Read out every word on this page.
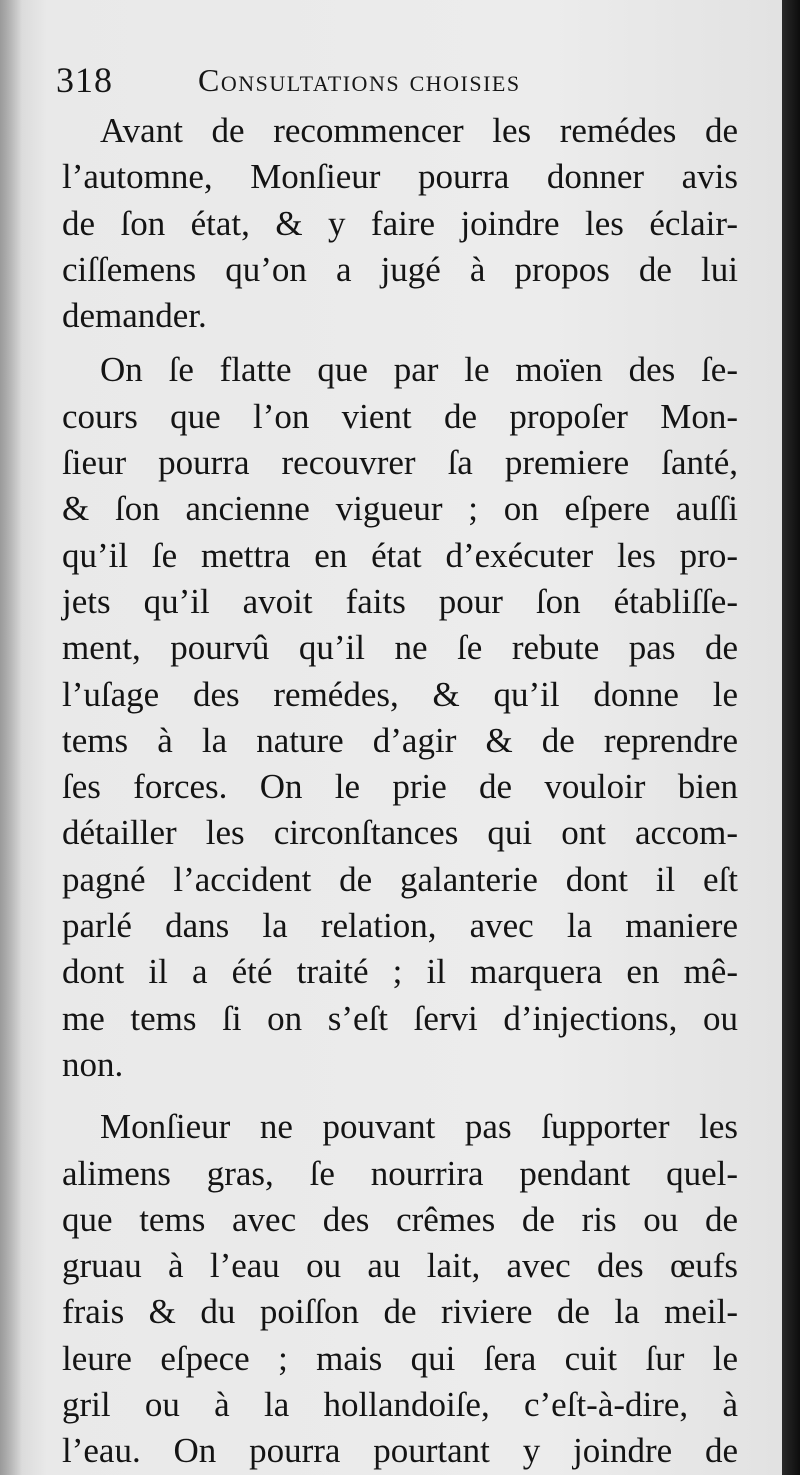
318	Consultations choisies
Avant de recommencer les remédes de
l’automne, Monſieur pourra donner avis
de ſon état, & y faire joindre les éclair-
ciſſemens qu’on a jugé à propos de lui
demander.
On ſe flatte que par le moïen des ſe-
cours que l’on vient de propoſer Mon-
ſieur pourra recouvrer ſa premiere ſanté,
& ſon ancienne vigueur ; on eſpere auſſi
qu’il ſe mettra en état d’exécuter les pro-
jets qu’il avoit faits pour ſon établiſſe-
ment, pourvû qu’il ne ſe rebute pas de
l’uſage des remédes, & qu’il donne le
tems à la nature d’agir & de reprendre
ſes forces. On le prie de vouloir bien
détailler les circonſtances qui ont accom-
pagné l’accident de galanterie dont il eſt
parlé dans la relation, avec la maniere
dont il a été traité ; il marquera en mê-
me tems ſi on s’eſt ſervi d’injections, ou
non.
Monſieur ne pouvant pas ſupporter les
alimens gras, ſe nourrira pendant quel-
que tems avec des crêmes de ris ou de
gruau à l’eau ou au lait, avec des œufs
frais & du poiſſon de riviere de la meil-
leure eſpece ; mais qui ſera cuit ſur le
gril ou à la hollandoiſe, c’eſt-à-dire, à
l’eau. On pourra pourtant y joindre de
